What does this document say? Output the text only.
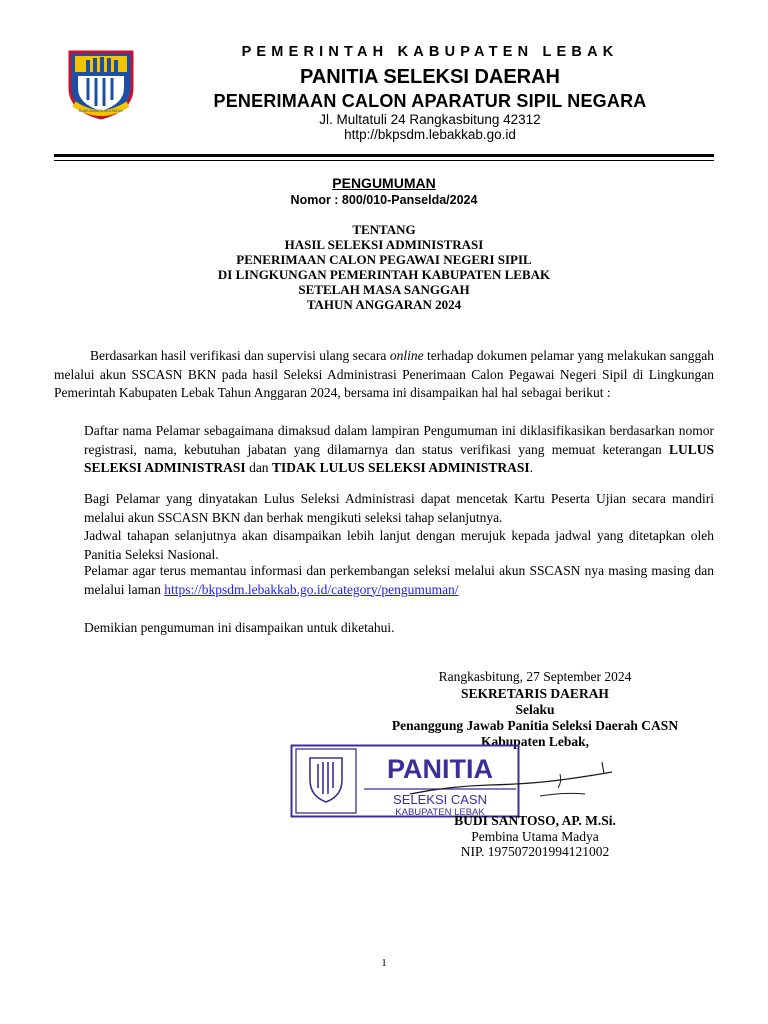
BUMI JAWARA MULTATULI
PEMERINTAH KABUPATEN LEBAK
PANITIA SELEKSI DAERAH
PENERIMAAN CALON APARATUR SIPIL NEGARA
Jl. Multatuli 24 Rangkasbitung 42312
http://bkpsdm.lebakkab.go.id
PENGUMUMAN
Nomor : 800/010-Panselda/2024
TENTANG
HASIL SELEKSI ADMINISTRASI
PENERIMAAN CALON PEGAWAI NEGERI SIPIL
DI LINGKUNGAN PEMERINTAH KABUPATEN LEBAK
SETELAH MASA SANGGAH
TAHUN ANGGARAN 2024
Berdasarkan hasil verifikasi dan supervisi ulang secara online terhadap dokumen pelamar yang melakukan sanggah melalui akun SSCASN BKN pada hasil Seleksi Administrasi Penerimaan Calon Pegawai Negeri Sipil di Lingkungan Pemerintah Kabupaten Lebak Tahun Anggaran 2024, bersama ini disampaikan hal hal sebagai berikut :
Daftar nama Pelamar sebagaimana dimaksud dalam lampiran Pengumuman ini diklasifikasikan berdasarkan nomor registrasi, nama, kebutuhan jabatan yang dilamarnya dan status verifikasi yang memuat keterangan LULUS SELEKSI ADMINISTRASI dan TIDAK LULUS SELEKSI ADMINISTRASI.
Bagi Pelamar yang dinyatakan Lulus Seleksi Administrasi dapat mencetak Kartu Peserta Ujian secara mandiri melalui akun SSCASN BKN dan berhak mengikuti seleksi tahap selanjutnya.
Jadwal tahapan selanjutnya akan disampaikan lebih lanjut dengan merujuk kepada jadwal yang ditetapkan oleh Panitia Seleksi Nasional.
Pelamar agar terus memantau informasi dan perkembangan seleksi melalui akun SSCASN nya masing masing dan melalui laman https://bkpsdm.lebakkab.go.id/category/pengumuman/
Demikian pengumuman ini disampaikan untuk diketahui.
Rangkasbitung, 27 September 2024
SEKRETARIS DAERAH
Selaku
Penanggung Jawab Panitia Seleksi Daerah CASN
Kabupaten Lebak,
PANITIA
SELEKSI CASN
KABUPATEN LEBAK
BUDI SANTOSO, AP. M.Si.
Pembina Utama Madya
NIP. 197507201994121002
1
